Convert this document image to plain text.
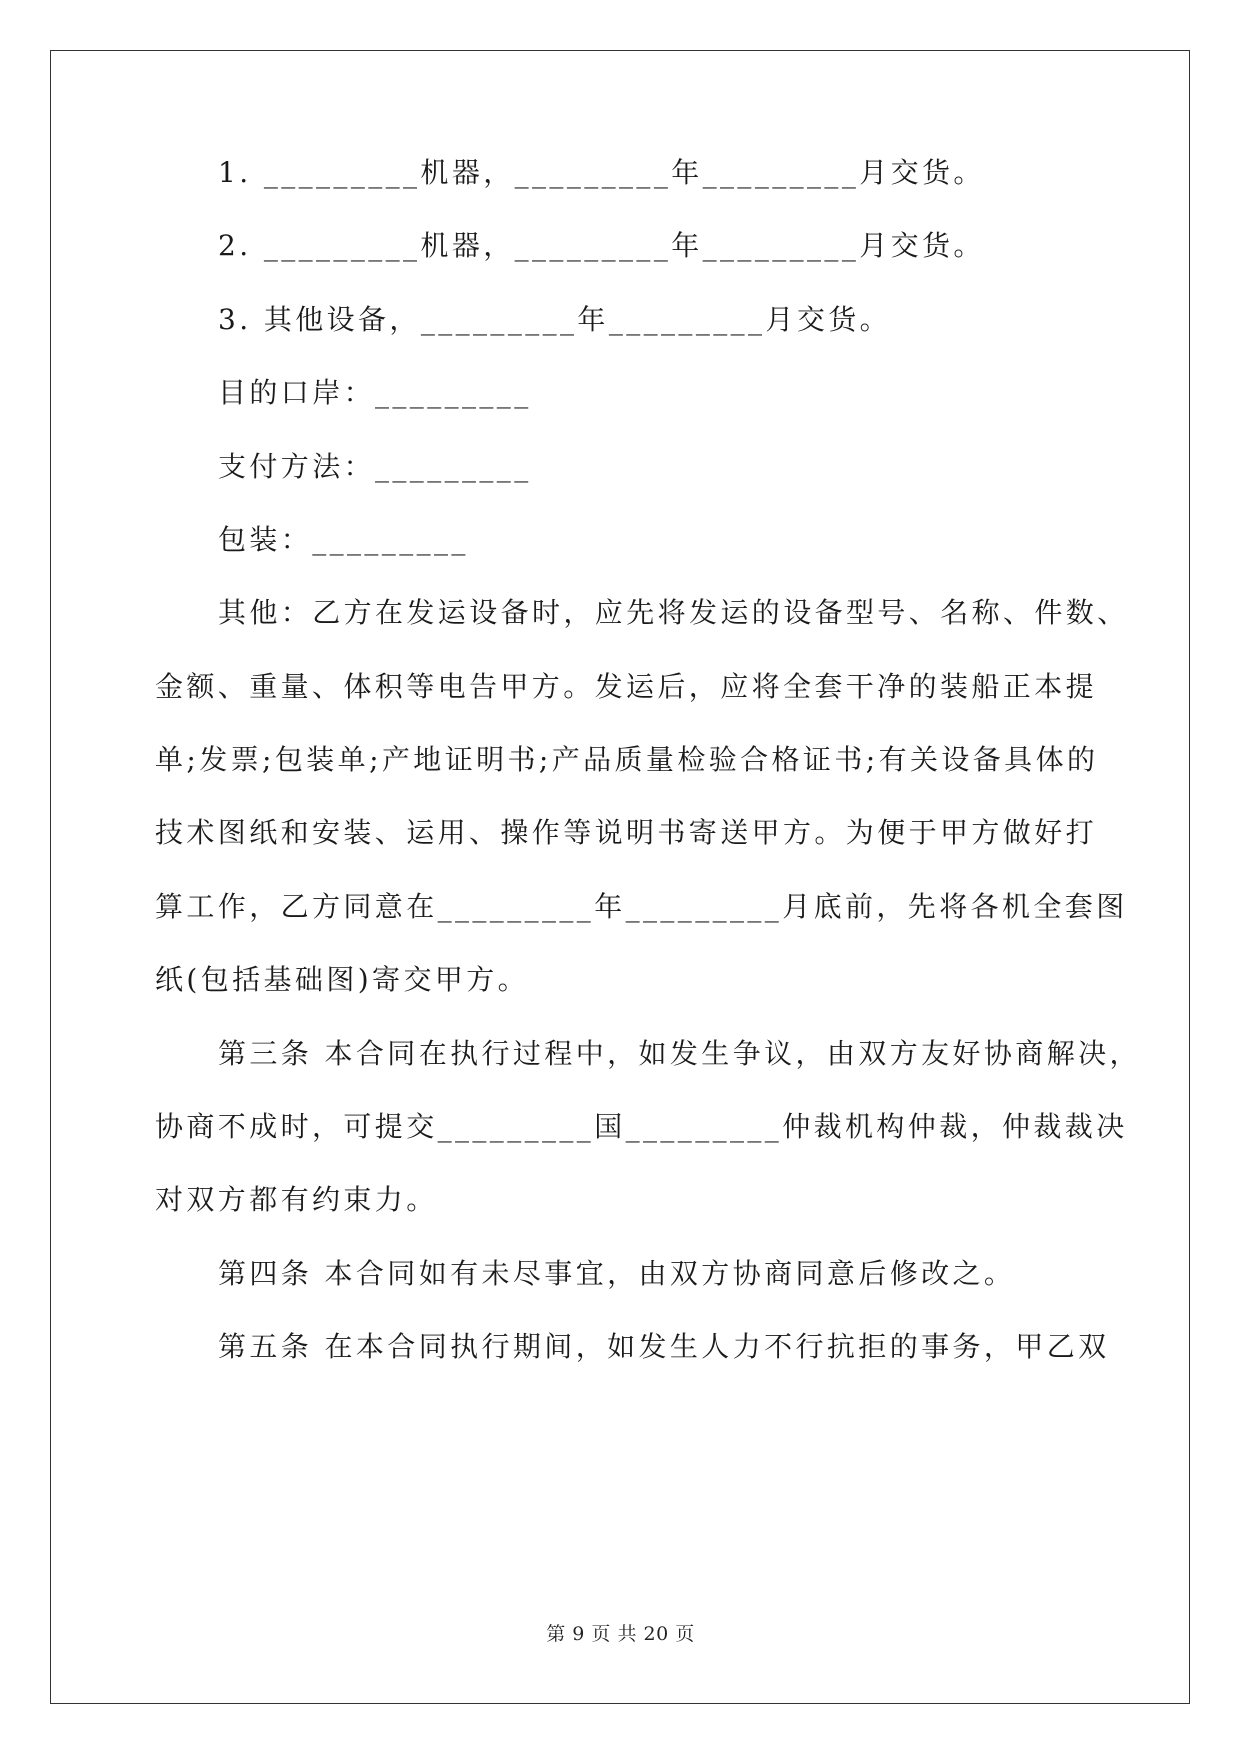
1. _________机器，_________年_________月交货。
2. _________机器，_________年_________月交货。
3. 其他设备，_________年_________月交货。
目的口岸：_________
支付方法：_________
包装：_________
其他：乙方在发运设备时，应先将发运的设备型号、名称、件数、
金额、重量、体积等电告甲方。发运后，应将全套干净的装船正本提
单;发票;包装单;产地证明书;产品质量检验合格证书;有关设备具体的
技术图纸和安装、运用、操作等说明书寄送甲方。为便于甲方做好打
算工作，乙方同意在_________年_________月底前，先将各机全套图
纸(包括基础图)寄交甲方。
第三条 本合同在执行过程中，如发生争议，由双方友好协商解决，
协商不成时，可提交_________国_________仲裁机构仲裁，仲裁裁决
对双方都有约束力。
第四条 本合同如有未尽事宜，由双方协商同意后修改之。
第五条 在本合同执行期间，如发生人力不行抗拒的事务，甲乙双
第 9 页 共 20 页
